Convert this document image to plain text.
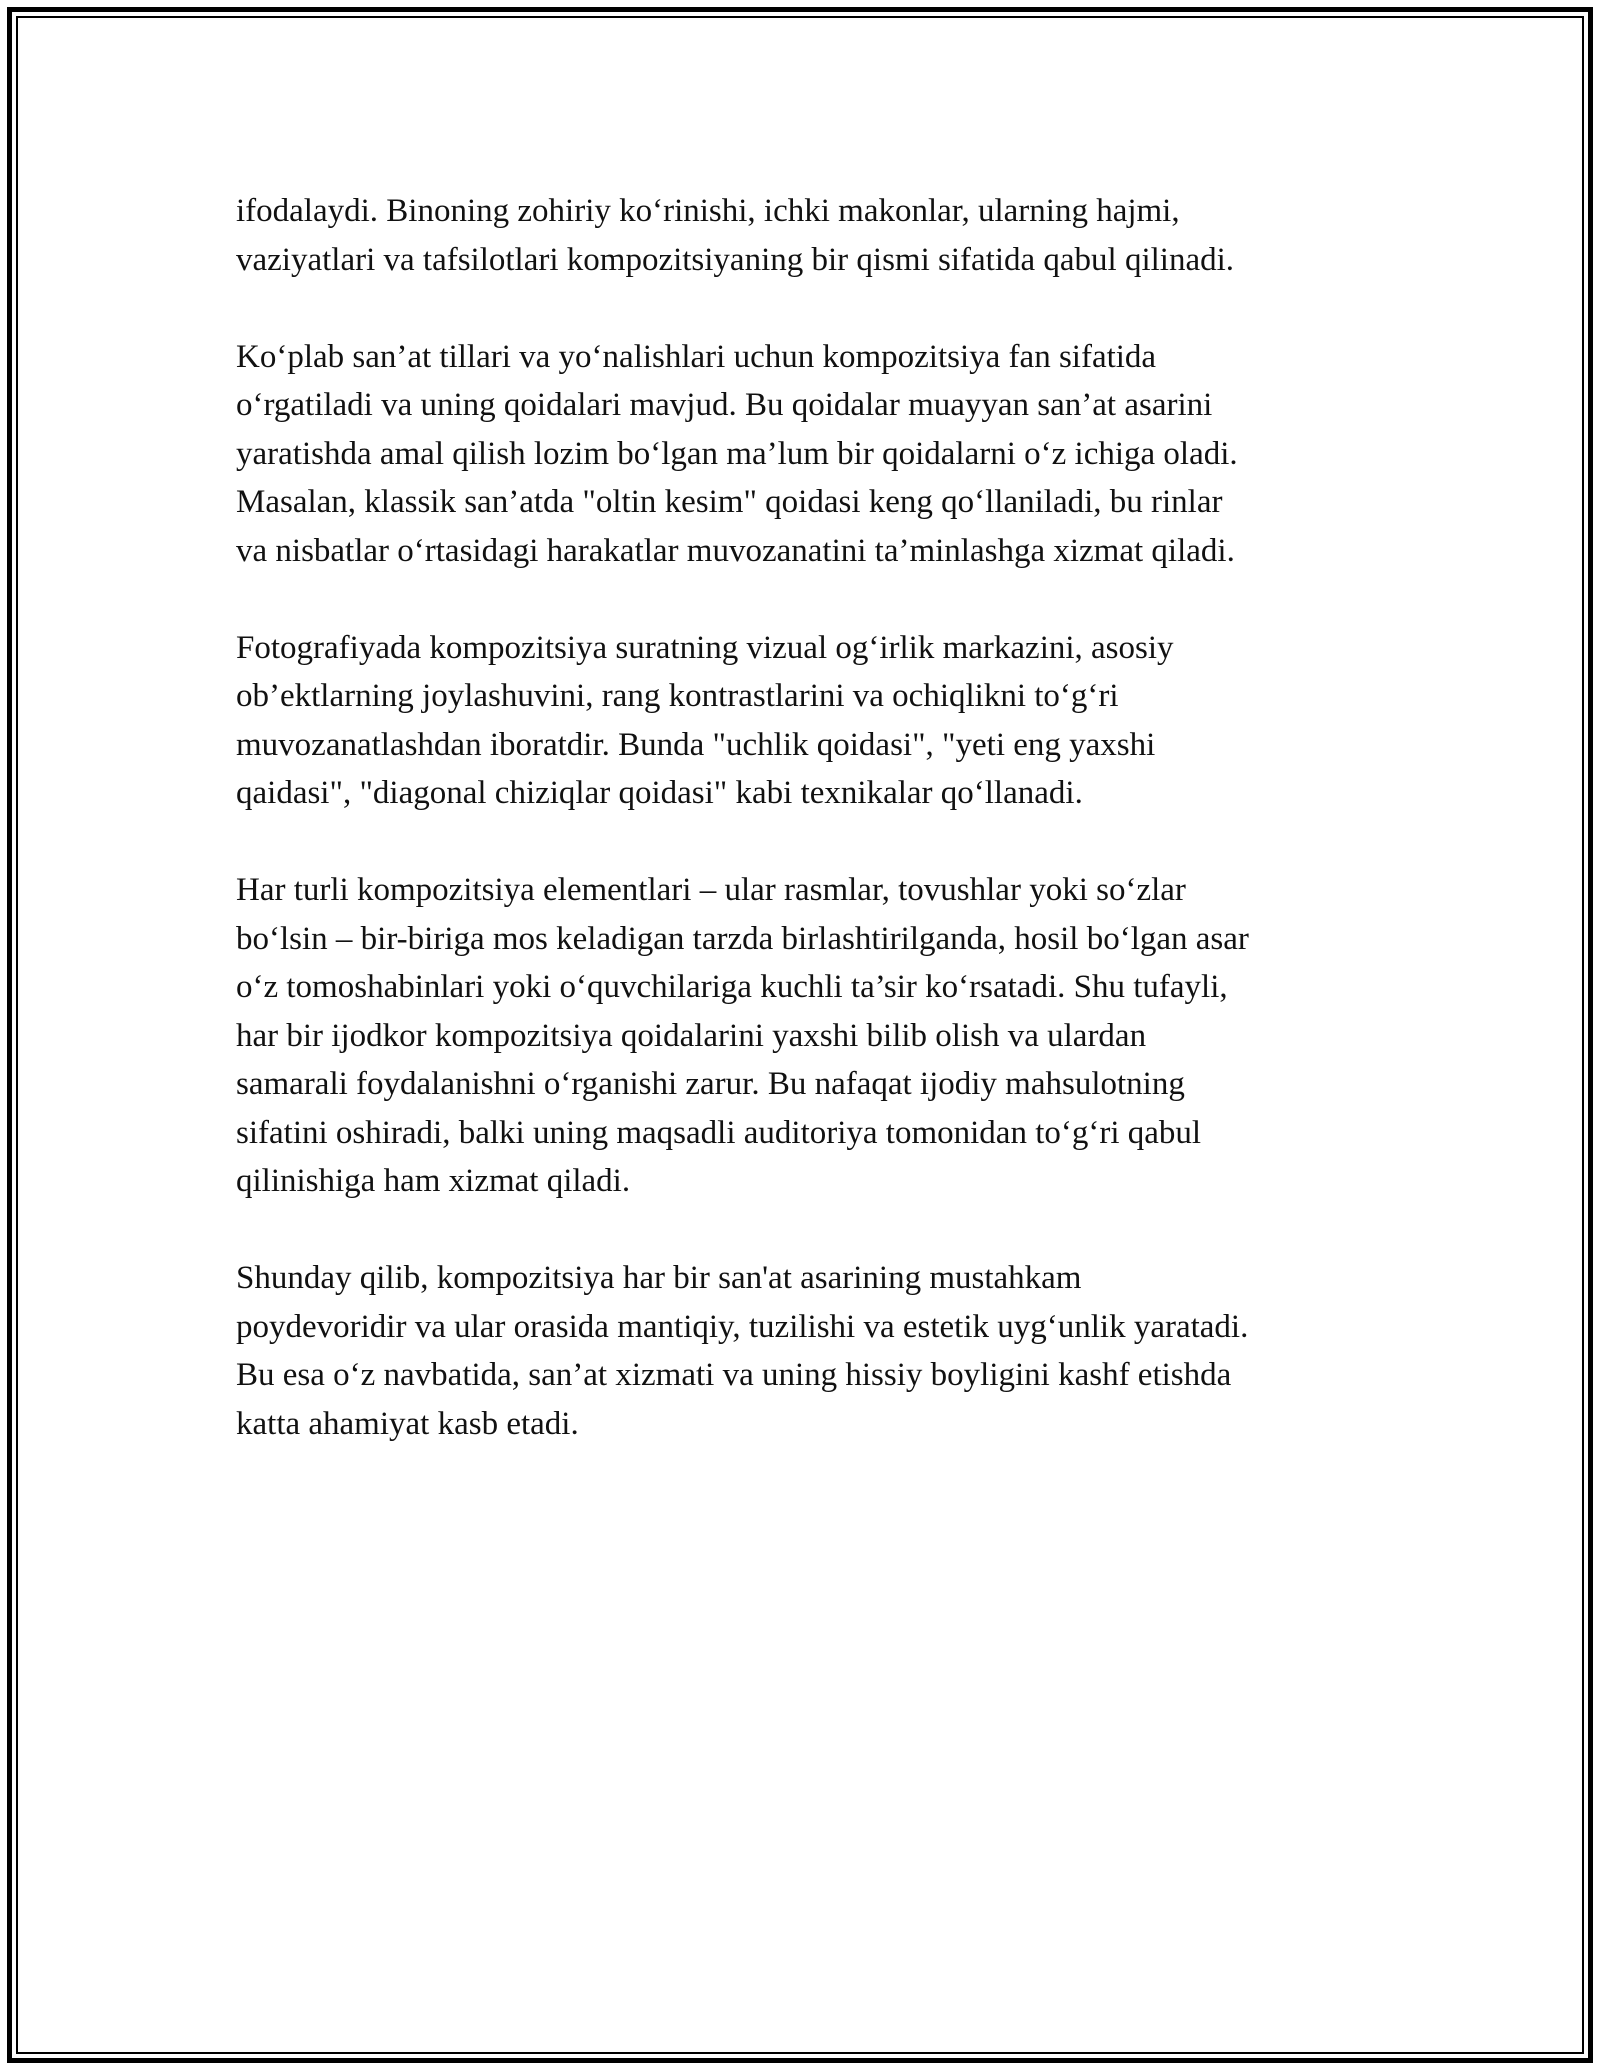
ifodalaydi. Binoning zohiriy ko‘rinishi, ichki makonlar, ularning hajmi,
vaziyatlari va tafsilotlari kompozitsiyaning bir qismi sifatida qabul qilinadi.

Ko‘plab san’at tillari va yo‘nalishlari uchun kompozitsiya fan sifatida
o‘rgatiladi va uning qoidalari mavjud. Bu qoidalar muayyan san’at asarini
yaratishda amal qilish lozim bo‘lgan ma’lum bir qoidalarni o‘z ichiga oladi.
Masalan, klassik san’atda "oltin kesim" qoidasi keng qo‘llaniladi, bu rinlar
va nisbatlar o‘rtasidagi harakatlar muvozanatini ta’minlashga xizmat qiladi.

Fotografiyada kompozitsiya suratning vizual og‘irlik markazini, asosiy
ob’ektlarning joylashuvini, rang kontrastlarini va ochiqlikni to‘g‘ri
muvozanatlashdan iboratdir. Bunda "uchlik qoidasi", "yeti eng yaxshi
qaidasi", "diagonal chiziqlar qoidasi" kabi texnikalar qo‘llanadi.

Har turli kompozitsiya elementlari – ular rasmlar, tovushlar yoki so‘zlar
bo‘lsin – bir-biriga mos keladigan tarzda birlashtirilganda, hosil bo‘lgan asar
o‘z tomoshabinlari yoki o‘quvchilariga kuchli ta’sir ko‘rsatadi. Shu tufayli,
har bir ijodkor kompozitsiya qoidalarini yaxshi bilib olish va ulardan
samarali foydalanishni o‘rganishi zarur. Bu nafaqat ijodiy mahsulotning
sifatini oshiradi, balki uning maqsadli auditoriya tomonidan to‘g‘ri qabul
qilinishiga ham xizmat qiladi.

Shunday qilib, kompozitsiya har bir san'at asarining mustahkam
poydevoridir va ular orasida mantiqiy, tuzilishi va estetik uyg‘unlik yaratadi.
Bu esa o‘z navbatida, san’at xizmati va uning hissiy boyligini kashf etishda
katta ahamiyat kasb etadi.
